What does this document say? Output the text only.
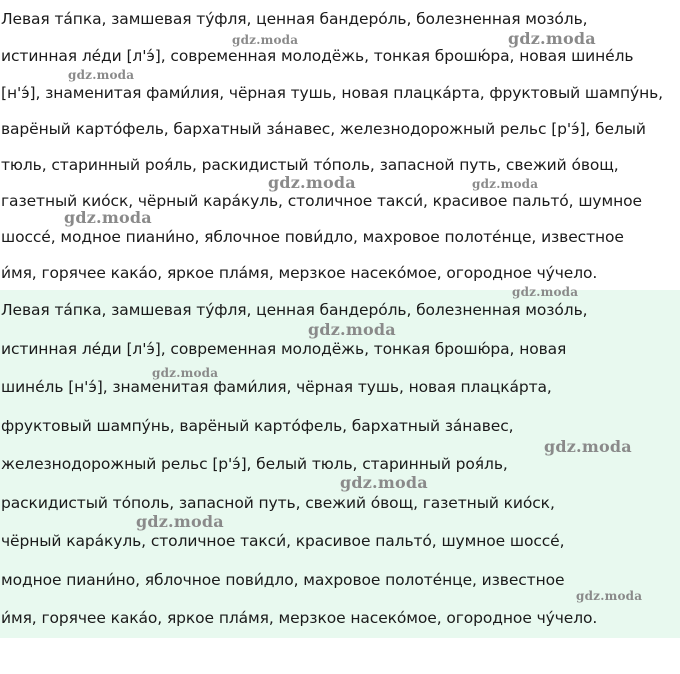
Левая та́пка, замшевая ту́фля, ценная бандеро́ль, болезненная мозо́ль,
истинная ле́ди [л'э́], современная молодёжь, тонкая брошю́ра, новая шине́ль
[н'э́], знаменитая фами́лия, чёрная тушь, новая плацка́рта, фруктовый шампу́нь,
варёный карто́фель, бархатный за́навес, железнодорожный рельс [р'э́], белый
тюль, старинный роя́ль, раскидистый то́поль, запасной путь, свежий о́вощ,
газетный кио́ск, чёрный кара́куль, столичное такси́, красивое пальто́, шумное
шоссе́, модное пиани́но, яблочное пови́дло, махровое полоте́нце, известное
и́мя, горячее кака́о, яркое пла́мя, мерзкое насеко́мое, огородное чу́чело.
Левая та́пка, замшевая ту́фля, ценная бандеро́ль, болезненная мозо́ль,
истинная ле́ди [л'э́], современная молодёжь, тонкая брошю́ра, новая
шине́ль [н'э́], знаменитая фами́лия, чёрная тушь, новая плацка́рта,
фруктовый шампу́нь, варёный карто́фель, бархатный за́навес,
железнодорожный рельс [р'э́], белый тюль, старинный роя́ль,
раскидистый то́поль, запасной путь, свежий о́вощ, газетный кио́ск,
чёрный кара́куль, столичное такси́, красивое пальто́, шумное шоссе́,
модное пиани́но, яблочное пови́дло, махровое полоте́нце, известное
и́мя, горячее кака́о, яркое пла́мя, мерзкое насеко́мое, огородное чу́чело.
gdz.moda	gdz.moda
gdz.moda
gdz.moda	gdz.moda
gdz.moda
gdz.moda
gdz.moda
gdz.moda
gdz.moda
gdz.moda
gdz.moda
gdz.moda
